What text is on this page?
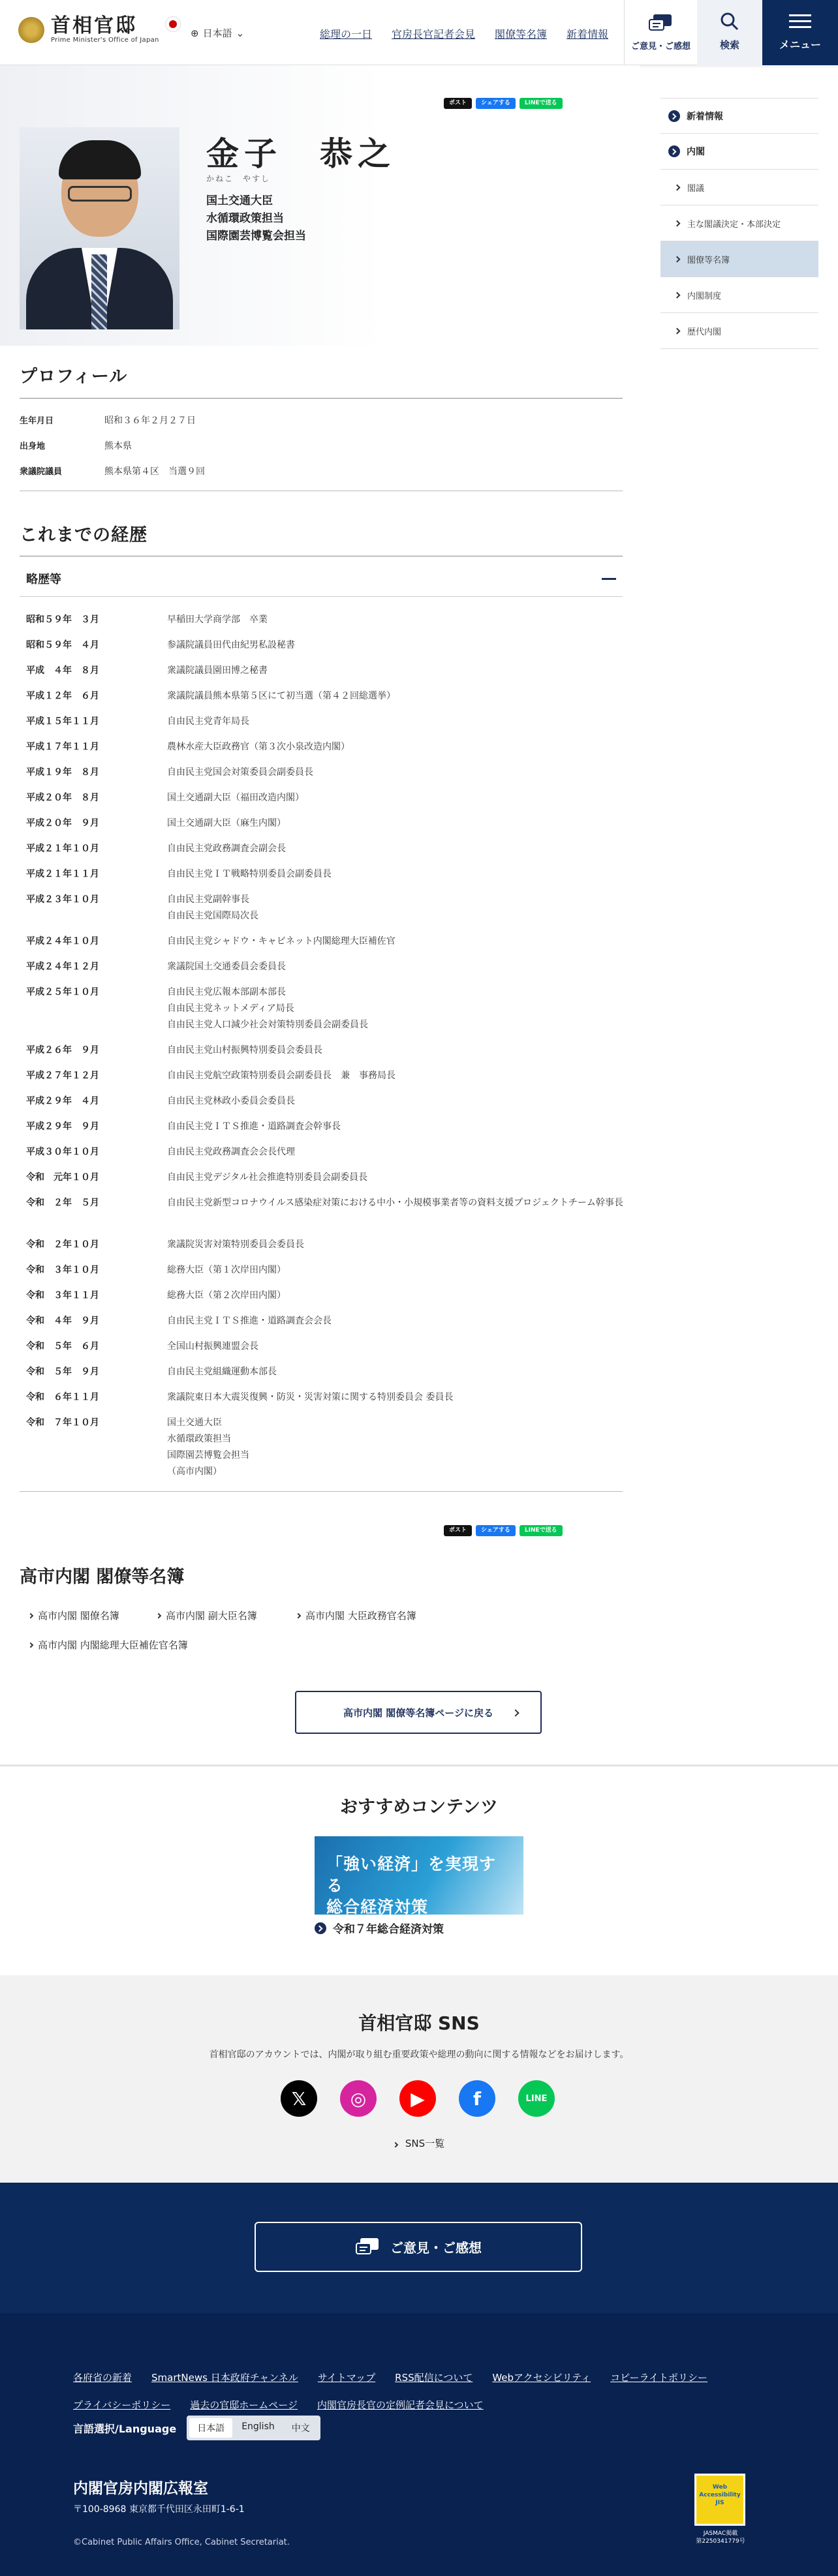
首相官邸
Prime Minister's Office of Japan
⊕ 日本語 ⌄	総理の一日 官房長官記者会見 閣僚等名簿 新着情報
ご意見・ご感想	検索	メニュー
ポスト	シェアする	LINEで送る
金子　恭之
かねこ　やすし
国土交通大臣
水循環政策担当
国際園芸博覧会担当
新着情報
内閣
閣議
主な閣議決定・本部決定
閣僚等名簿
内閣制度
歴代内閣
プロフィール
生年月日	昭和３６年２月２７日
出身地	熊本県
衆議院議員	熊本県第４区　当選９回
これまでの経歴
略歴等
昭和５９年　３月	早稲田大学商学部　卒業
昭和５９年　４月	参議院議員田代由紀男私設秘書
平成　４年　８月	衆議院議員園田博之秘書
平成１２年　６月	衆議院議員熊本県第５区にて初当選（第４２回総選挙）
平成１５年１１月	自由民主党青年局長
平成１７年１１月	農林水産大臣政務官（第３次小泉改造内閣）
平成１９年　８月	自由民主党国会対策委員会副委員長
平成２０年　８月	国土交通副大臣（福田改造内閣）
平成２０年　９月	国土交通副大臣（麻生内閣）
平成２１年１０月	自由民主党政務調査会副会長
平成２１年１１月	自由民主党ＩＴ戦略特別委員会副委員長
平成２３年１０月	自由民主党副幹事長
自由民主党国際局次長
平成２４年１０月	自由民主党シャドウ・キャビネット内閣総理大臣補佐官
平成２４年１２月	衆議院国土交通委員会委員長
平成２５年１０月	自由民主党広報本部副本部長
自由民主党ネットメディア局長
自由民主党人口減少社会対策特別委員会副委員長
平成２６年　９月	自由民主党山村振興特別委員会委員長
平成２７年１２月	自由民主党航空政策特別委員会副委員長　兼　事務局長
平成２９年　４月	自由民主党林政小委員会委員長
平成２９年　９月	自由民主党ＩＴＳ推進・道路調査会幹事長
平成３０年１０月	自由民主党政務調査会会長代理
令和　元年１０月	自由民主党デジタル社会推進特別委員会副委員長
令和　２年　５月	自由民主党新型コロナウイルス感染症対策における中小・小規模事業者等の資料支援プロジェクトチーム幹事長
令和　２年１０月	衆議院災害対策特別委員会委員長
令和　３年１０月	総務大臣（第１次岸田内閣）
令和　３年１１月	総務大臣（第２次岸田内閣）
令和　４年　９月	自由民主党ＩＴＳ推進・道路調査会会長
令和　５年　６月	全国山村振興連盟会長
令和　５年　９月	自由民主党組織運動本部長
令和　６年１１月	衆議院東日本大震災復興・防災・災害対策に関する特別委員会 委員長
令和　７年１０月	国土交通大臣
水循環政策担当
国際園芸博覧会担当
（高市内閣）
ポスト	シェアする	LINEで送る
高市内閣 閣僚等名簿
高市内閣 閣僚名簿	高市内閣 副大臣名簿	高市内閣 大臣政務官名簿
高市内閣 内閣総理大臣補佐官名簿
高市内閣 閣僚等名簿ページに戻る
おすすめコンテンツ
「強い経済」を実現する
総合経済対策
令和７年総合経済対策
首相官邸 SNS
首相官邸のアカウントでは、内閣が取り組む重要政策や総理の動向に関する情報などをお届けします。
𝕏	◎	▶	f	LINE
SNS一覧
ご意見・ご感想
各府省の新着 SmartNews 日本政府チャンネル サイトマップ RSS配信について Webアクセシビリティ コピーライトポリシー
プライバシーポリシー 過去の官邸ホームページ 内閣官房長官の定例記者会見について
言語選択/Language	日本語	English	中文
内閣官房内閣広報室
〒100-8968 東京都千代田区永田町1-6-1
©Cabinet Public Affairs Office, Cabinet Secretariat.
Web Accessibility JIS
JASMAC掲載
第2250341779号
